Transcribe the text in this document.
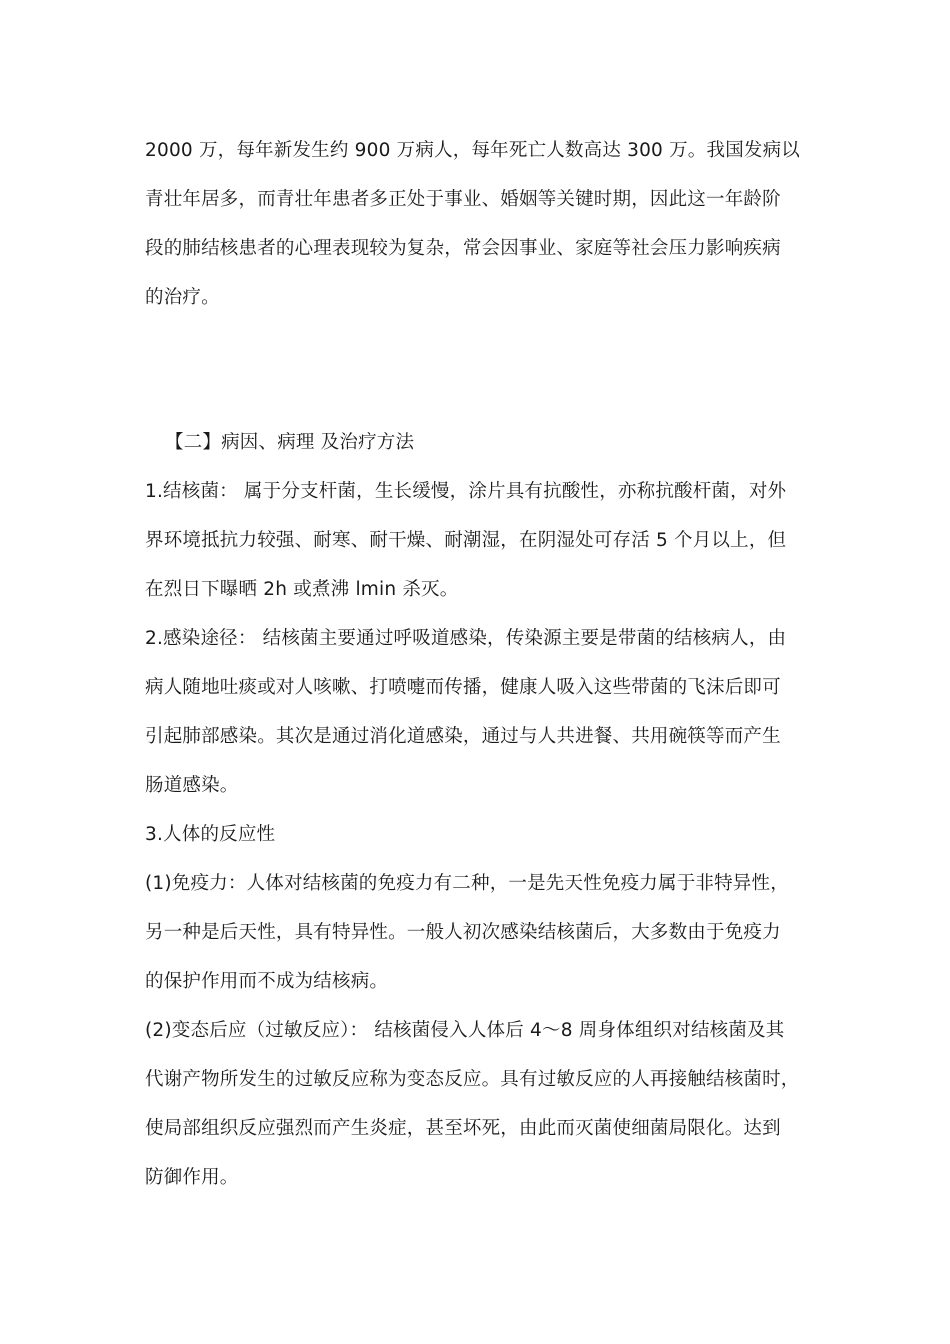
2000 万，每年新发生约 900 万病人，每年死亡人数高达 300 万。我国发病以
青壮年居多，而青壮年患者多正处于事业、婚姻等关键时期，因此这一年龄阶
段的肺结核患者的心理表现较为复杂，常会因事业、家庭等社会压力影响疾病
的治疗。
【二】病因、病理 及治疗方法
1.结核菌： 属于分支杆菌，生长缓慢，涂片具有抗酸性，亦称抗酸杆菌，对外
界环境抵抗力较强、耐寒、耐干燥、耐潮湿，在阴湿处可存活 5 个月以上，但
在烈日下曝晒 2h 或煮沸 lmin 杀灭。
2.感染途径： 结核菌主要通过呼吸道感染，传染源主要是带菌的结核病人，由
病人随地吐痰或对人咳嗽、打喷嚏而传播，健康人吸入这些带菌的飞沫后即可
引起肺部感染。其次是通过消化道感染，通过与人共进餐、共用碗筷等而产生
肠道感染。
3.人体的反应性
(1)免疫力：人体对结核菌的免疫力有二种，一是先天性免疫力属于非特异性，
另一种是后天性，具有特异性。一般人初次感染结核菌后，大多数由于免疫力
的保护作用而不成为结核病。
(2)变态后应（过敏反应）： 结核菌侵入人体后 4～8 周身体组织对结核菌及其
代谢产物所发生的过敏反应称为变态反应。具有过敏反应的人再接触结核菌时，
使局部组织反应强烈而产生炎症，甚至坏死，由此而灭菌使细菌局限化。达到
防御作用。
